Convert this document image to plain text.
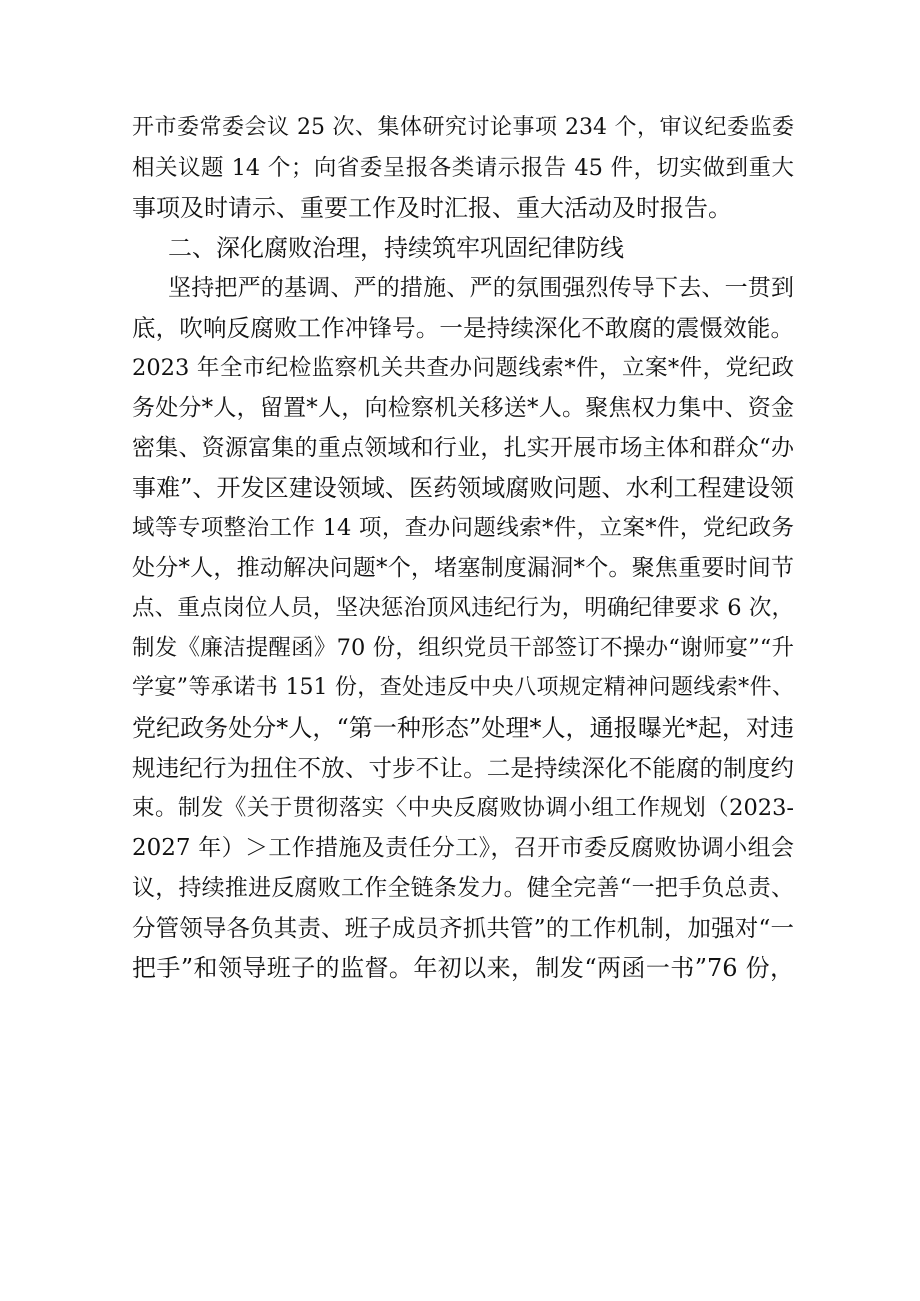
开市委常委会议 25 次、集体研究讨论事项 234 个，审议纪委监委
相关议题 14 个；向省委呈报各类请示报告 45 件，切实做到重大
事项及时请示、重要工作及时汇报、重大活动及时报告。
二、深化腐败治理，持续筑牢巩固纪律防线
坚持把严的基调、严的措施、严的氛围强烈传导下去、一贯到
底，吹响反腐败工作冲锋号。一是持续深化不敢腐的震慑效能。
2023 年全市纪检监察机关共查办问题线索*件，立案*件，党纪政
务处分*人，留置*人，向检察机关移送*人。聚焦权力集中、资金
密集、资源富集的重点领域和行业，扎实开展市场主体和群众“办
事难”、开发区建设领域、医药领域腐败问题、水利工程建设领
域等专项整治工作 14 项，查办问题线索*件，立案*件，党纪政务
处分*人，推动解决问题*个，堵塞制度漏洞*个。聚焦重要时间节
点、重点岗位人员，坚决惩治顶风违纪行为，明确纪律要求 6 次，
制发《廉洁提醒函》70 份，组织党员干部签订不操办“谢师宴”“升
学宴”等承诺书 151 份，查处违反中央八项规定精神问题线索*件、
党纪政务处分*人，“第一种形态”处理*人，通报曝光*起，对违
规违纪行为扭住不放、寸步不让。二是持续深化不能腐的制度约
束。制发《关于贯彻落实〈中央反腐败协调小组工作规划（2023-
2027 年）＞工作措施及责任分工》，召开市委反腐败协调小组会
议，持续推进反腐败工作全链条发力。健全完善“一把手负总责、
分管领导各负其责、班子成员齐抓共管”的工作机制，加强对“一
把手”和领导班子的监督。年初以来，制发“两函一书”76 份，
